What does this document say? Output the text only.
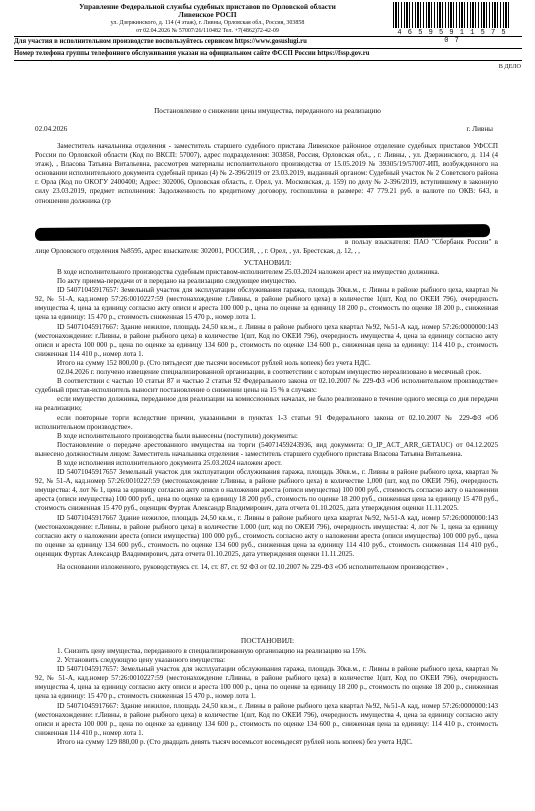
Управление Федеральной службы судебных приставов по Орловской области
Ливенское РОСП
ул. Дзержинского, д. 114 (4 этаж), г. Ливны, Орловская обл., Россия, 303858
от 02.04.2026 № 57007/26/110482 Тел. +7(4862)72-42-09	4 6 5 9 5 9 1 1 5 7 5 0 7
Для участия в исполнительном производстве воспользуйтесь сервисом https://www.gosuslugi.ru
Номер телефона группы телефонного обслуживания указан на официальном сайте ФССП России https://fssp.gov.ru
В ДЕЛО
Постановление о снижении цены имущества, переданного на реализацию
02.04.2026	г. Ливны

Заместитель начальника отделения - заместитель старшего судебного пристава Ливенское районное отделение судебных приставов УФССП России по Орловской области (Код по ВКСП: 57007), адрес подразделения: 303858, Россия, Орловская обл., , г. Ливны, , ул. Дзержинского, д. 114 (4 этаж), , Власова Татьяна Витальевна, рассмотрев материалы исполнительного производства от 15.05.2019 № 39305/19/57007-ИП, возбужденного на основании исполнительного документа судебный приказ (4) № 2-396/2019 от 23.03.2019, выданный органом: Судебный участок № 2 Советского района г. Орла (Код по ОКОГУ 2400400; Адрес: 302006, Орловская область, г. Орел, ул. Московская, д. 159) по делу № 2-396/2019, вступившему в законную силу 23.03.2019, предмет исполнения: Задолженность по кредитному договору, госпошлина в размере: 47 779.21 руб. в валюте по ОКВ: 643, в отношении должника (гр

в пользу взыскателя: ПАО "Сбербанк России" в лице Орловского отделения №8595, адрес взыскателя: 302001, РОССИЯ, , , г. Орел, , ул. Брестская, д. 12, , ,

УСТАНОВИЛ:

В ходе исполнительного производства судебным приставом-исполнителем 25.03.2024 наложен арест на имущество должника.

По акту приема-передачи от в передано на реализацию следующее имущество.

ID 54071045917657: Земельный участок для эксплуатации обслуживания гаража, площадь 30кв.м., г. Ливны в районе рыбного цеха, квартал № 92, № 51-А, кад.номер 57:26:0010227:59 (местонахождение г.Ливны, в районе рыбного цеха) в количестве 1(шт, Код по ОКЕИ 796), очередность имущества 4, цена за единицу согласно акту описи и ареста 100 000 р., цена по оценке за единицу 18 200 р., стоимость по оценке 18 200 р., сниженная цена за единицу: 15 470 р., стоимость сниженная 15 470 р., номер лота 1.

ID 54071045917667: Здание нежилое, площадь 24,50 кв.м., г. Ливны в районе рыбного цеха квартал №92, №51-А кад, номер 57:26:0000000:143 (местонахождение: г.Ливны, в районе рыбного цеха) в количестве 1(шт, Код по ОКЕИ 796), очередность имущества 4, цена за единицу согласно акту описи и ареста 100 000 р., цена по оценке за единицу 134 600 р., стоимость по оценке 134 600 р., сниженная цена за единицу: 114 410 р., стоимость сниженная 114 410 р., номер лота 1.

Итого на сумму 152 800,00 р. (Сто пятьдесят две тысячи восемьсот рублей ноль копеек) без учета НДС.

02.04.2026 г. получено извещение специализированной организации, в соответствии с которым имущество нереализовано в месячный срок.

В соответствии с частью 10 статьи 87 и частью 2 статьи 92 Федерального закона от 02.10.2007 № 229-ФЗ «Об исполнительном производстве» судебный пристав-исполнитель выносит постановление о снижении цены на 15 % в случаях:

если имущество должника, переданное для реализации на комиссионных началах, не было реализовано в течение одного месяца со дня передачи на реализацию;

если повторные торги вследствие причин, указанными в пунктах 1-3 статьи 91 Федерального закона от 02.10.2007 № 229-ФЗ «Об исполнительном производстве».

В ходе исполнительного производства были вынесены (поступили) документы:

Постановление о передаче арестованного имущества на торги (54071459243936, вид документа: O_IP_ACT_ARR_GETAUC) от 04.12.2025 вынесено должностным лицом: Заместитель начальника отделения - заместитель старшего судебного пристава Власова Татьяна Витальевна.

В ходе исполнения исполнительного документа 25.03.2024 наложен арест.

ID 54071045917657 Земельный участок для эксплуатации обслуживания гаража, площадь 30кв.м., г. Ливны в районе рыбного цеха, квартал № 92, № 51-А, кад.номер 57:26:0010227:59 (местонахождение г.Ливны, в районе рыбного цеха) в количестве 1,000 (шт, код по ОКЕИ 796), очередность имущества: 4, лот № 1, цена за единицу согласно акту описи о наложении ареста (описи имущества) 100 000 руб., стоимость согласно акту о наложении ареста (описи имущества) 100 000 руб., цена по оценке за единицу 18 200 руб., стоимость по оценке 18 200 руб., сниженная цена за единицу 15 470 руб., стоимость сниженная 15 470 руб., оценщик Фуртак Александр Владимирович, дата отчета 01.10.2025, дата утверждения оценки 11.11.2025.

ID 54071045917667 Здание нежилое, площадь 24,50 кв.м., г. Ливны в районе рыбного цеха квартал №92, №51-А кад, номер 57:26:0000000:143 (местонахождение: г.Ливны, в районе рыбного цеха) в количестве 1.000 (шт, код по ОКЕИ 796), очередность имущества: 4, лот № 1, цена за единицу согласно акту о наложении ареста (описи имущества) 100 000 руб., стоимость согласно акту о наложении ареста (описи имущества) 100 000 руб., цена по оценке за единицу 134 600 руб., стоимость по оценке 134 600 руб., сниженная цена за единицу 114 410 руб., стоимость сниженная 114 410 руб., оценщик Фуртак Александр Владимирович, дата отчета 01.10.2025, дата утверждения оценки 11.11.2025.

На основании изложенного, руководствуясь ст. 14, ст. 87, ст. 92 ФЗ от 02.10.2007 № 229-ФЗ «Об исполнительном производстве» ,

ПОСТАНОВИЛ:

1. Снизить цену имущества, переданного в специализированную организацию на реализацию на 15%.

2. Установить следующую цену указанного имущества:

ID 54071045917657: Земельный участок для эксплуатации обслуживания гаража, площадь 30кв.м., г. Ливны в районе рыбного цеха, квартал № 92, № 51-А, кад.номер 57:26:0010227:59 (местонахождение г.Ливны, в районе рыбного цеха) в количестве 1(шт, Код по ОКЕИ 796), очередность имущества 4, цена за единицу согласно акту описи и ареста 100 000 р., цена по оценке за единицу 18 200 р., стоимость по оценке 18 200 р., сниженная цена за единицу: 15 470 р., стоимость сниженная 15 470 р., номер лота 1.

ID 54071045917667: Здание нежилое, площадь 24,50 кв.м., г. Ливны в районе рыбного цеха квартал №92, №51-А кад, номер 57:26:0000000:143 (местонахождение: г.Ливны, в районе рыбного цеха) в количестве 1(шт, Код по ОКЕИ 796), очередность имущества 4, цена за единицу согласно акту описи и ареста 100 000 р., цена по оценке за единицу 134 600 р., стоимость по оценке 134 600 р., сниженная цена за единицу: 114 410 р., стоимость сниженная 114 410 р., номер лота 1.

Итого на сумму 129 880,00 р. (Сто двадцать девять тысяч восемьсот восемьдесят рублей ноль копеек) без учета НДС.
